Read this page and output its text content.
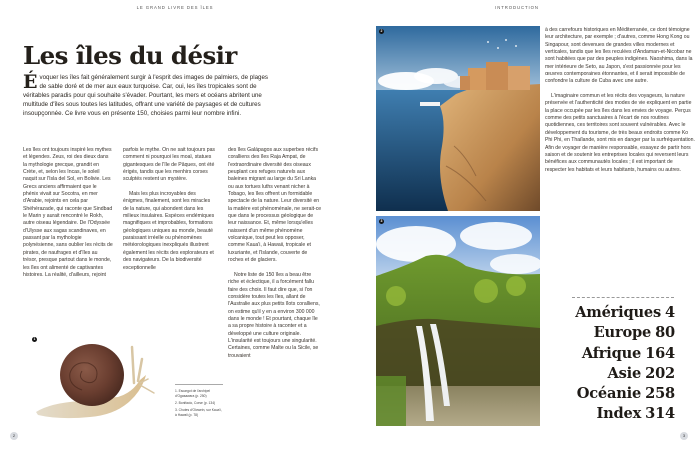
LE GRAND LIVRE DES ÎLES
Les îles du désir
Évoquer les îles fait généralement surgir à l'esprit des images de palmiers, de plages de sable doré et de mer aux eaux turquoise. Car, oui, les îles tropicales sont de véritables paradis pour qui souhaite s'évader. Pourtant, les mers et océans abritent une multitude d'îles sous toutes les latitudes, offrant une variété de paysages et de cultures insoupçonnée. Ce livre vous en présente 150, choisies parmi leur nombre infini.

Les îles ont toujours inspiré les mythes et légendes. Zeus, roi des dieux dans la mythologie grecque, grandit en Crète, et, selon les Incas, le soleil naquit sur l'Isla del Sol, en Bolivie. Les Grecs anciens affirmaient que le phénix vivait sur Socotra, en mer d'Arabie, rejoints en cela par Shéhérazade, qui raconte que Sindbad le Marin y aurait rencontré le Rokh, autre oiseau légendaire. De l'Odyssée d'Ulysse aux sagas scandinaves, en passant par la mythologie polynésienne, sans oublier les récits de pirates, de naufrages et d'îles au trésor, presque partout dans le monde, les îles ont alimenté de captivantes histoires. La réalité, d'ailleurs, rejoint

parfois le mythe. On ne sait toujours pas comment ni pourquoi les moaï, statues gigantesques de l'île de Pâques, ont été érigés, tandis que les menhirs corses sculptés restent un mystère.

Mais les plus incroyables des énigmes, finalement, sont les miracles de la nature, qui abondent dans les milieux insulaires. Espèces endémiques magnifiques et improbables, formations géologiques uniques au monde, beauté paraissant irréelle ou phénomènes météorologiques inexpliqués illustrent également les récits des explorateurs et des navigateurs. De la biodiversité exceptionnelle

des îles Galápagos aux superbes récifs coralliens des îles Raja Ampat, de l'extraordinaire diversité des oiseaux peuplant ces refuges naturels aux baleines migrant au large du Sri Lanka ou aux tortues luths venant nicher à Tobago, les îles offrent un formidable spectacle de la nature. Leur diversité en la matière est phénoménale, ne serait-ce que dans le processus géologique de leur naissance. Et, même lorsqu'elles naissent d'un même phénomène volcanique, tout peut les opposer, comme Kaua'i, à Hawaii, tropicale et luxuriante, et l'Islande, couverte de roches et de glaciers.

Notre liste de 150 îles a beau être riche et éclectique, il a forcément fallu faire des choix. Il faut dire que, si l'on considère toutes les îles, allant de l'Australie aux plus petits îlots coralliens, on estime qu'il y en a environ 300 000 dans le monde ! Et pourtant, chaque île a sa propre histoire à raconter et a développé une culture originale. L'insularité est toujours une singularité. Certaines, comme Malte ou la Sicile, se trouvaient

1
1. Escargot de l'archipel d'Ogasawara (p. 250)
2. Bonifacio, Corse (p. 134)
3. Chutes d'Olowein, sur Kaua'i, à Hawaii (p. 78)
2
INTRODUCTION
2
3

à des carrefours historiques en Méditerranée, ce dont témoigne leur architecture, par exemple ; d'autres, comme Hong Kong ou Singapour, sont devenues de grandes villes modernes et verticales, tandis que les îles reculées d'Andaman-et-Nicobar ne sont habitées que par des peuples indigènes. Naoshima, dans la mer intérieure de Seto, au Japon, s'est passionnée pour les œuvres contemporaines étonnantes, et il serait impossible de confondre la culture de Cuba avec une autre.

L'imaginaire commun et les récits des voyageurs, la nature préservée et l'authenticité des modes de vie expliquent en partie la place occupée par les îles dans les envies de voyage. Perçus comme des petits sanctuaires à l'écart de nos routines quotidiennes, ces territoires sont souvent vulnérables. Avec le développement du tourisme, de très beaux endroits comme Ko Phi Phi, en Thaïlande, sont mis en danger par la surfréquentation. Afin de voyager de manière responsable, essayez de partir hors saison et de soutenir les entreprises locales qui reversent leurs bénéfices aux communautés locales ; il est important de respecter les habitats et leurs habitants, humains ou autres.

Amériques 4
Europe 80
Afrique 164
Asie 202
Océanie 258
Index 314
3
